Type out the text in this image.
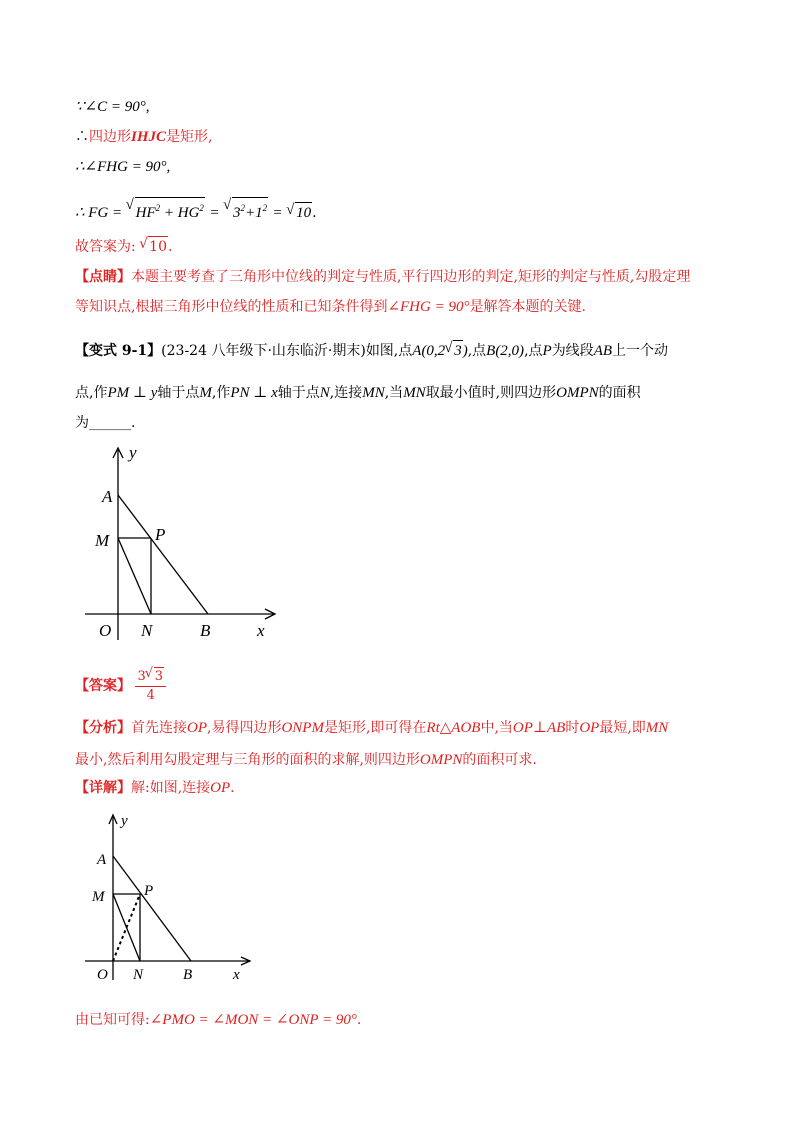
∵∠C = 90°,
∴四边形IHJC是矩形,
∴∠FHG = 90°,
∴ FG = √ $HF^2 + HG^2$ = √ $3^2+1^2$ = √ 10.
故答案为: √ 10.
【点睛】本题主要考查了三角形中位线的判定与性质,平行四边形的判定,矩形的判定与性质,勾股定理
等知识点,根据三角形中位线的性质和已知条件得到∠FHG = 90°是解答本题的关键.
【变式 9-1】(23-24 八年级下·山东临沂·期末)如图,点A(0,2 √ 3),点B(2,0),点P为线段AB上一个动
点,作PM ⊥ y轴于点M,作PN ⊥ x轴于点N,连接MN,当MN取最小值时,则四边形OMPN的面积
为______.
y
A
M	P
O N	B	x
【答案】 $\frac{3 √ 3}{4}$
【分析】首先连接OP,易得四边形ONPM是矩形,即可得在Rt△AOB中,当OP⊥AB时OP最短,即MN
最小,然后利用勾股定理与三角形的面积的求解,则四边形OMPN的面积可求.
【详解】解:如图,连接OP.
y
A
M	P
O N	B	x
由已知可得:∠PMO = ∠MON = ∠ONP = 90°.
